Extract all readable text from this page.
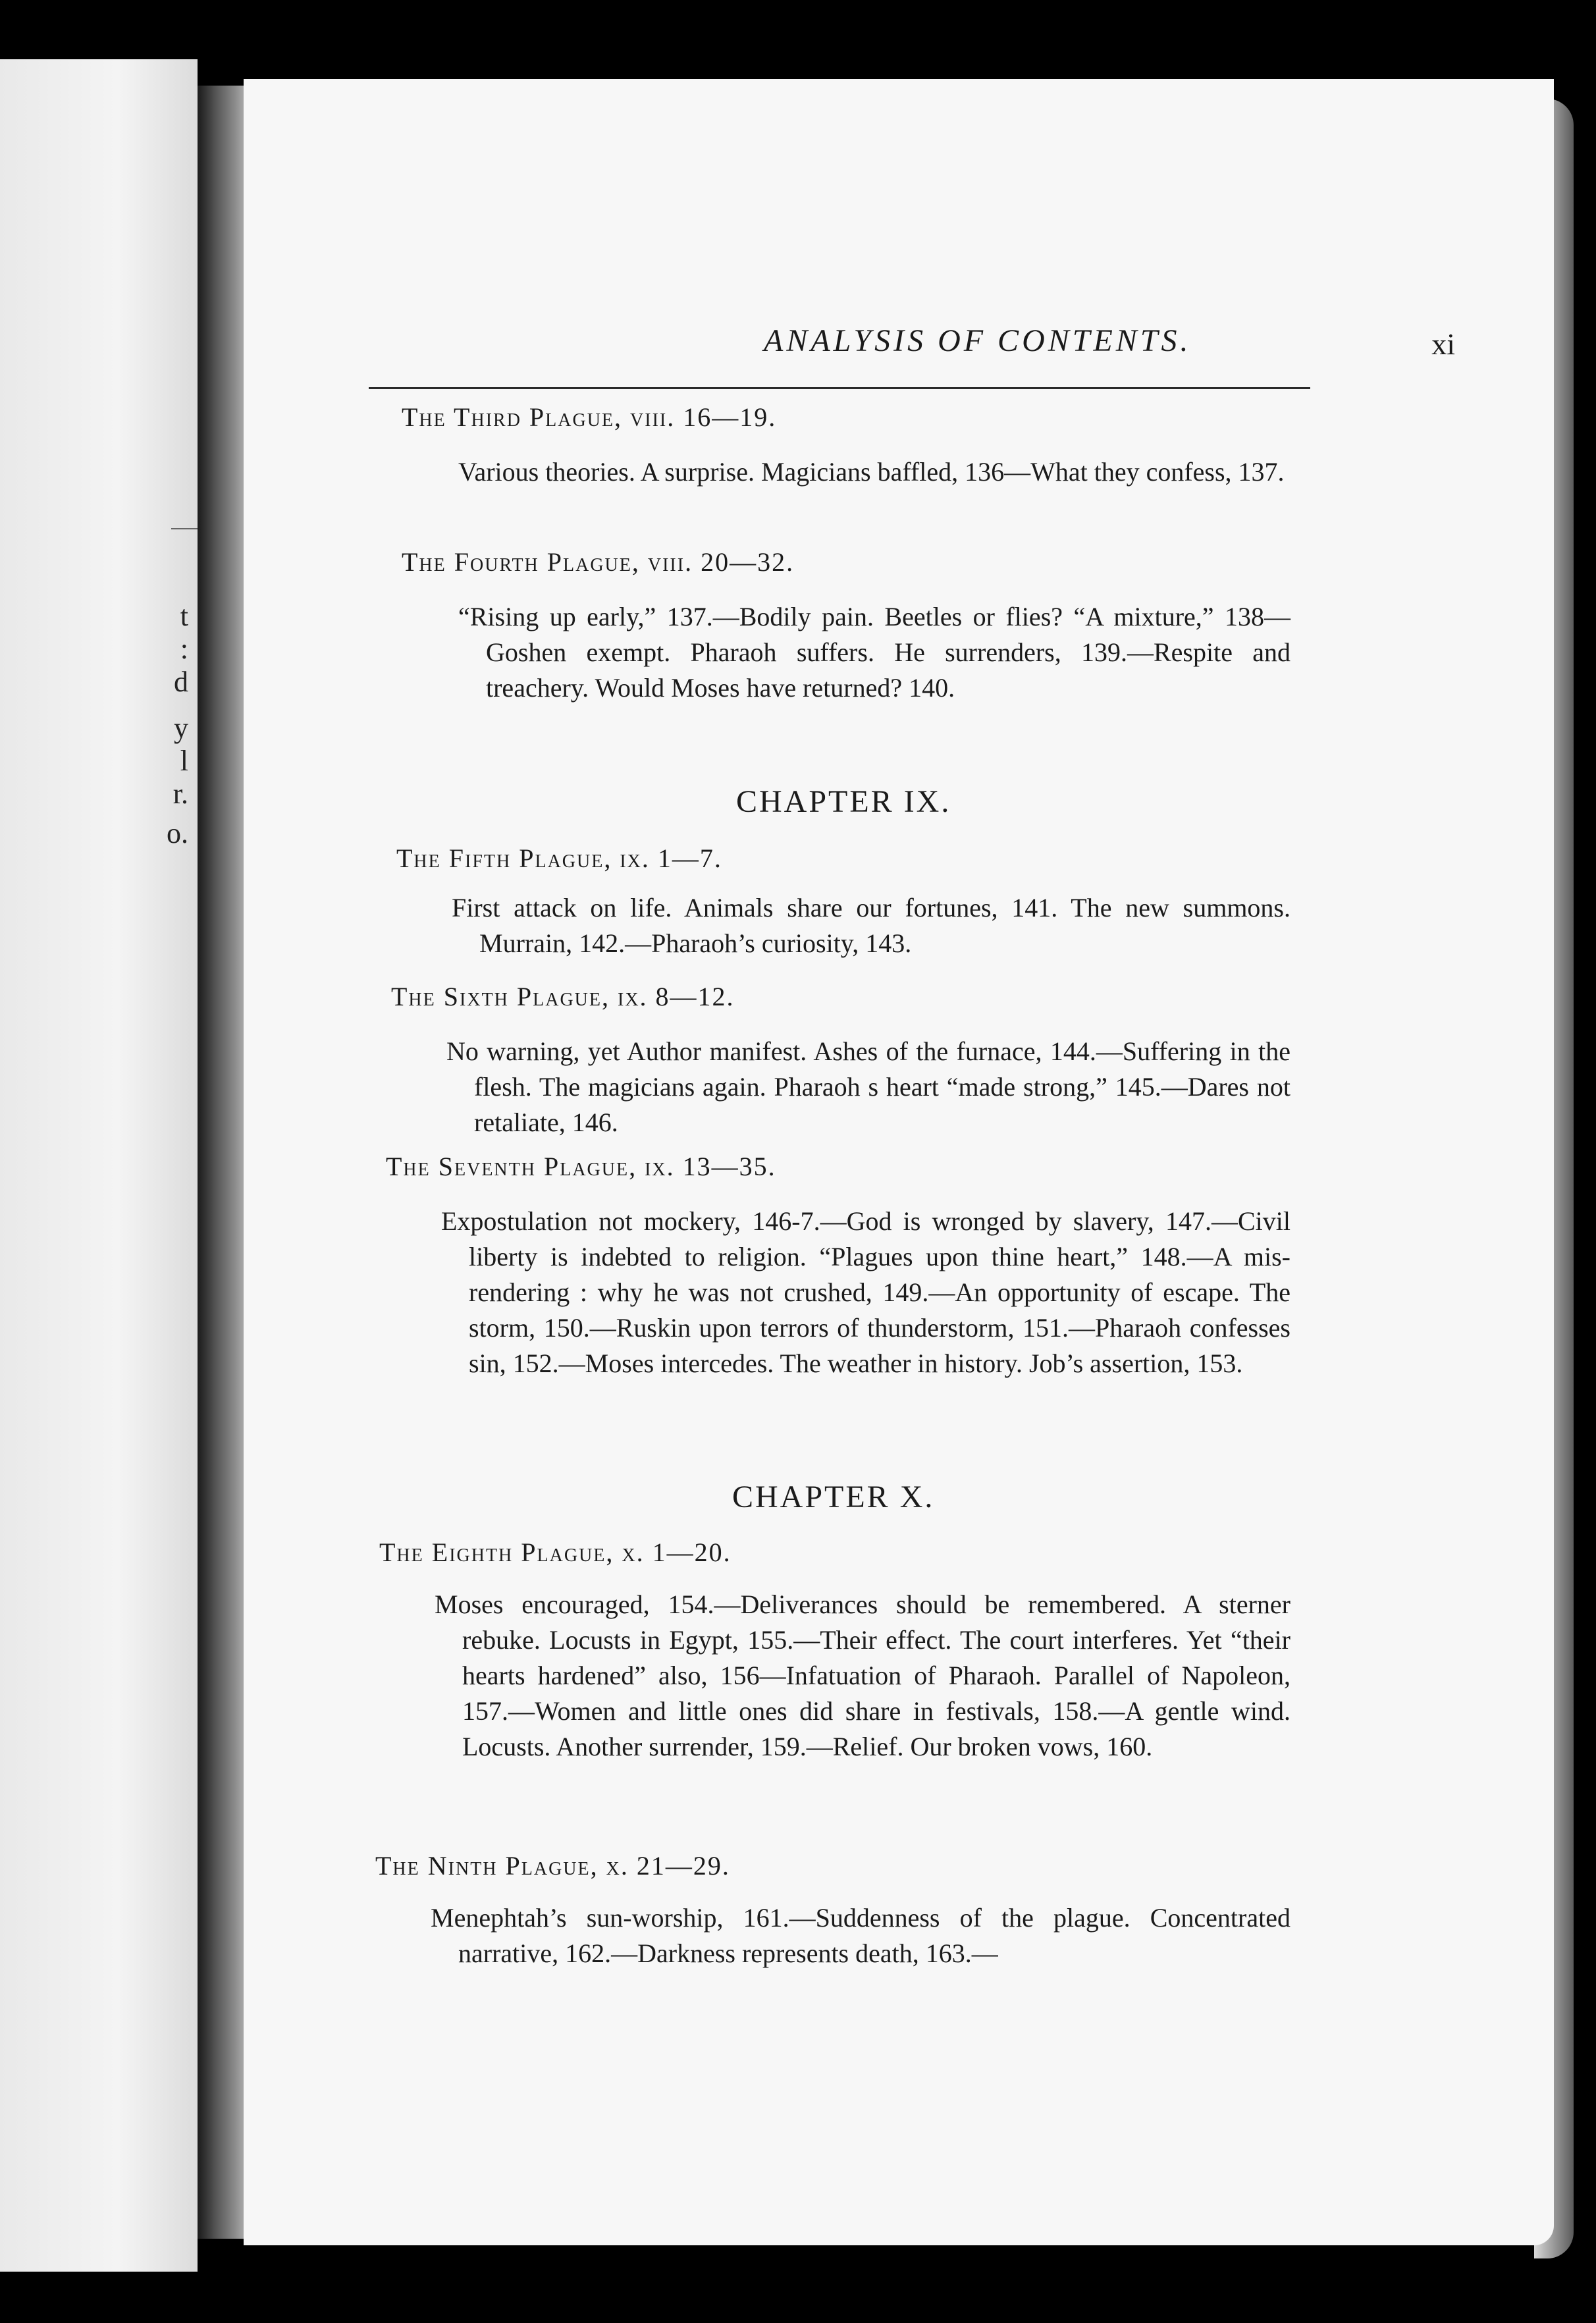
t
:
d
y
l
r.
o.
ANALYSIS OF CONTENTS.	xi
The Third Plague, viii. 16—19.
Various theories. A surprise. Magicians baffled, 136—What they confess, 137.
The Fourth Plague, viii. 20—32.
“Rising up early,” 137.—Bodily pain. Beetles or flies? “A mixture,” 138—Goshen exempt. Pharaoh suffers. He surrenders, 139.—Respite and treachery. Would Moses have returned? 140.
CHAPTER IX.
The Fifth Plague, ix. 1—7.
First attack on life. Animals share our fortunes, 141. The new summons. Murrain, 142.—Pharaoh’s curiosity, 143.
The Sixth Plague, ix. 8—12.
No warning, yet Author manifest. Ashes of the furnace, 144.—Suffering in the flesh. The magicians again. Pharaoh s heart “made strong,” 145.—Dares not retaliate, 146.
The Seventh Plague, ix. 13—35.
Expostulation not mockery, 146-7.—God is wronged by slavery, 147.—Civil liberty is indebted to religion. “Plagues upon thine heart,” 148.—A mis-rendering : why he was not crushed, 149.—An opportunity of escape. The storm, 150.—Ruskin upon terrors of thunderstorm, 151.—Pharaoh confesses sin, 152.—Moses intercedes. The weather in history. Job’s assertion, 153.
CHAPTER X.
The Eighth Plague, x. 1—20.
Moses encouraged, 154.—Deliverances should be remembered. A sterner rebuke. Locusts in Egypt, 155.—Their effect. The court interferes. Yet “their hearts hardened” also, 156—Infatuation of Pharaoh. Parallel of Napoleon, 157.—Women and little ones did share in festivals, 158.—A gentle wind. Locusts. Another surrender, 159.—Relief. Our broken vows, 160.
The Ninth Plague, x. 21—29.
Menephtah’s sun-worship, 161.—Suddenness of the plague. Concentrated narrative, 162.—Darkness represents death, 163.—
